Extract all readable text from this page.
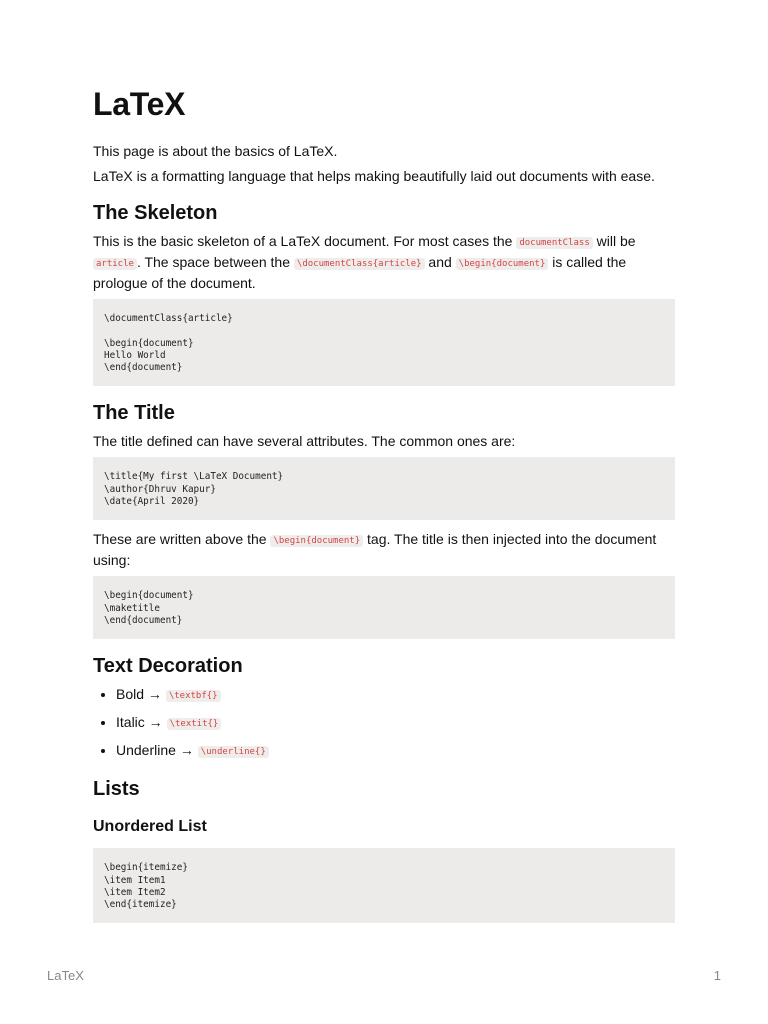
LaTeX

This page is about the basics of LaTeX.

LaTeX is a formatting language that helps making beautifully laid out documents with ease.

The Skeleton

This is the basic skeleton of a LaTeX document. For most cases the documentClass will be article . The space between the \documentClass{article} and \begin{document} is called the prologue of the document.

\documentClass{article}

\begin{document}
Hello World
\end{document}
The Title

The title defined can have several attributes. The common ones are:

\title{My first \LaTeX Document}
\author{Dhruv Kapur}
\date{April 2020}

These are written above the \begin{document} tag. The title is then injected into the document using:

\begin{document}
\maketitle
\end{document}
Text Decoration
• Bold → \textbf{}
• Italic → \textit{}
• Underline → \underline{}
Lists
Unordered List
\begin{itemize}
\item Item1
\item Item2
\end{itemize}
LaTeX	1
